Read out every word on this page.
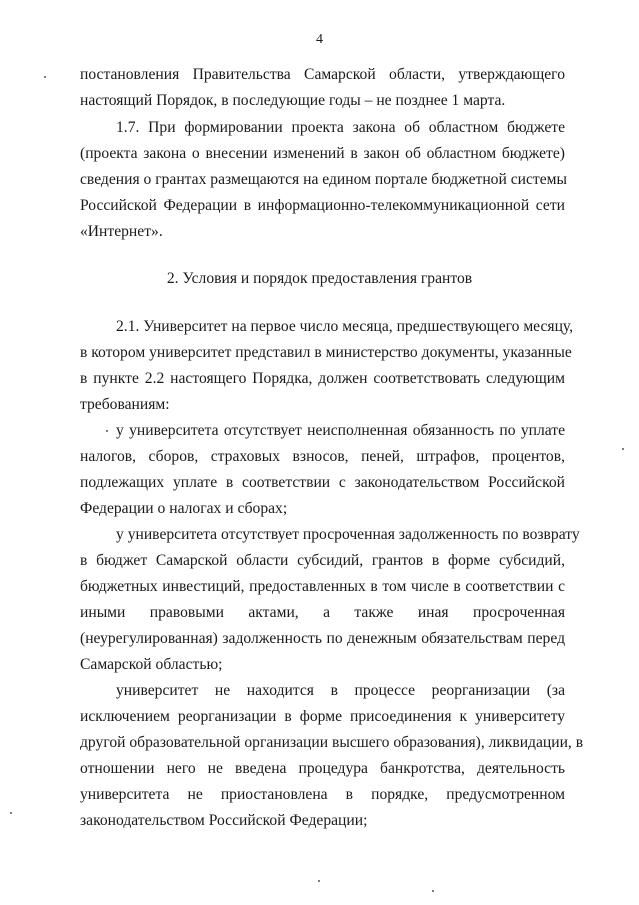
4
постановления Правительства Самарской области, утверждающего
настоящий Порядок, в последующие годы – не позднее 1 марта.
1.7. При формировании проекта закона об областном бюджете
(проекта закона о внесении изменений в закон об областном бюджете)
сведения о грантах размещаются на едином портале бюджетной системы
Российской Федерации в информационно-телекоммуникационной сети
«Интернет».
2. Условия и порядок предоставления грантов
2.1. Университет на первое число месяца, предшествующего месяцу,
в котором университет представил в министерство документы, указанные
в пункте 2.2 настоящего Порядка, должен соответствовать следующим
требованиям:
у университета отсутствует неисполненная обязанность по уплате
налогов, сборов, страховых взносов, пеней, штрафов, процентов,
подлежащих уплате в соответствии с законодательством Российской
Федерации о налогах и сборах;
у университета отсутствует просроченная задолженность по возврату
в бюджет Самарской области субсидий, грантов в форме субсидий,
бюджетных инвестиций, предоставленных в том числе в соответствии с
иными правовыми актами, а также иная просроченная
(неурегулированная) задолженность по денежным обязательствам перед
Самарской областью;
университет не находится в процессе реорганизации (за
исключением реорганизации в форме присоединения к университету
другой образовательной организации высшего образования), ликвидации, в
отношении него не введена процедура банкротства, деятельность
университета не приостановлена в порядке, предусмотренном
законодательством Российской Федерации;
